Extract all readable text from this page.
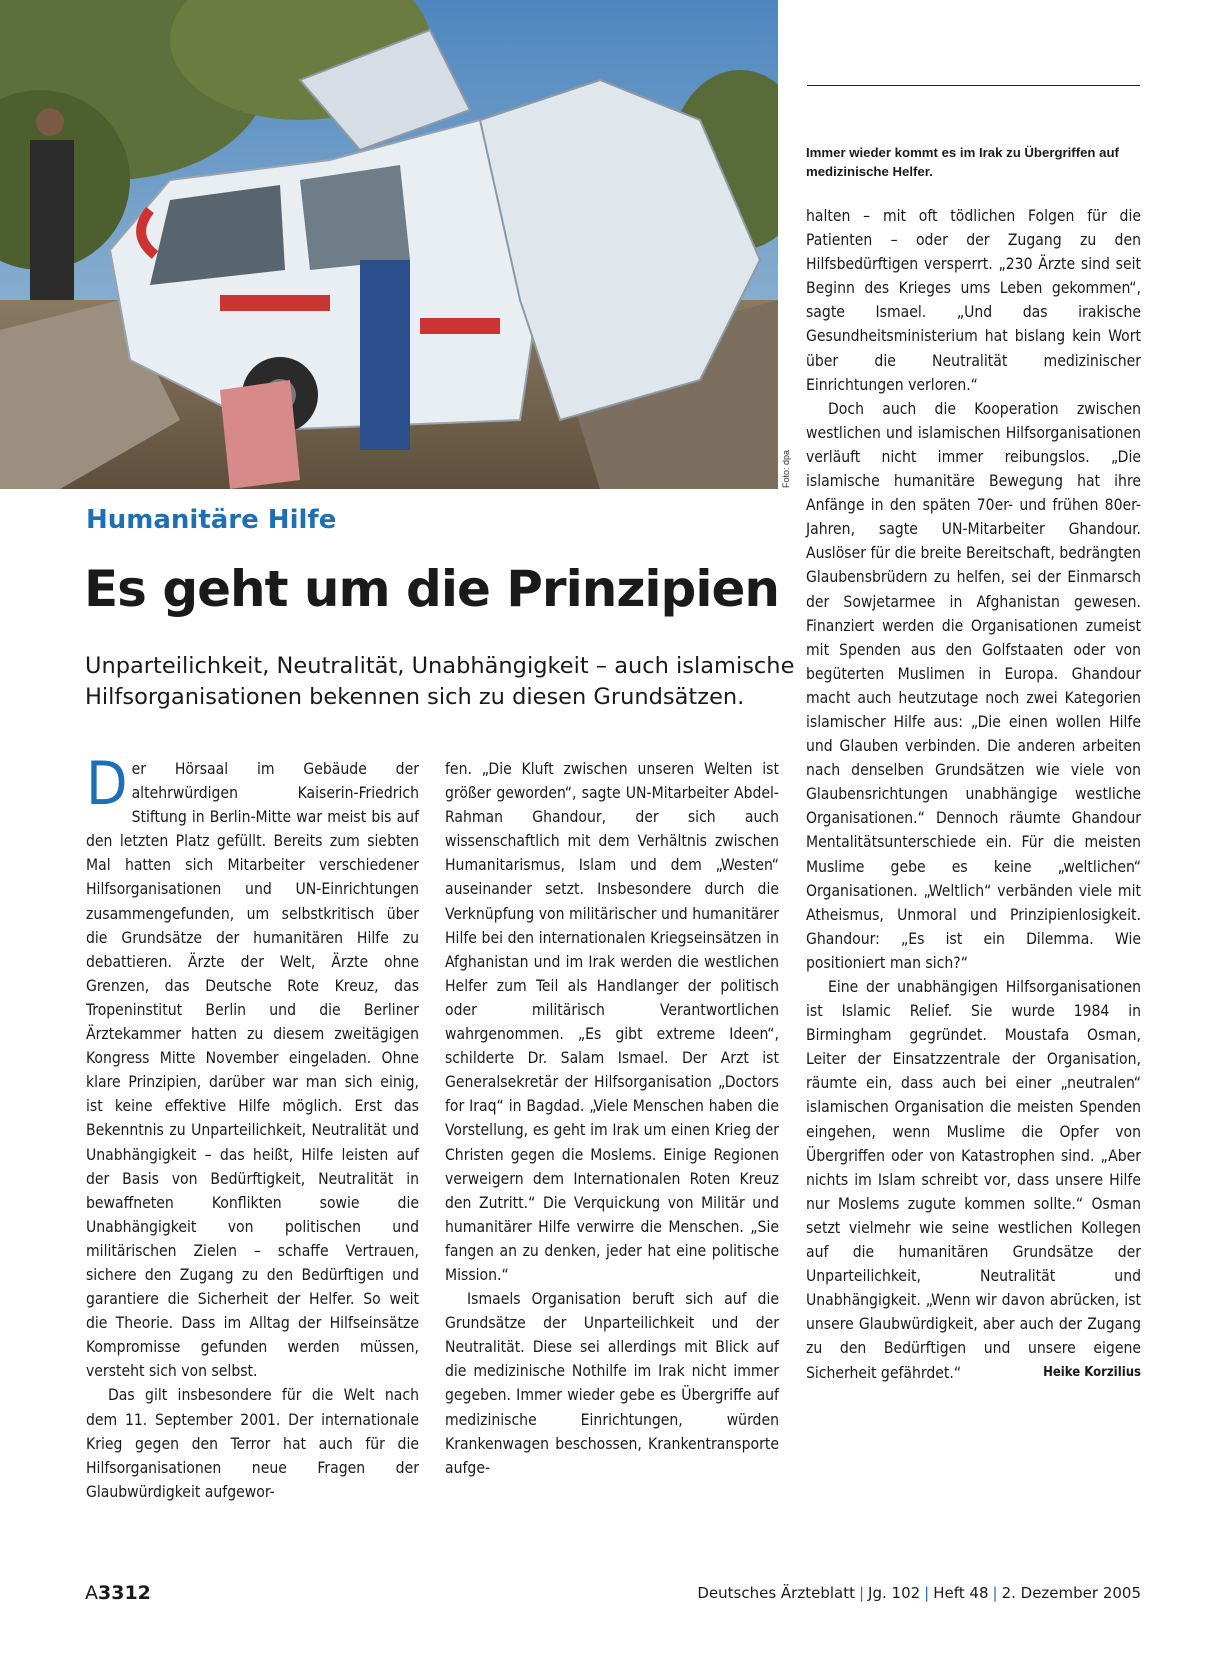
Foto: dpa
Immer wieder kommt es im Irak zu Übergriffen auf medizinische Helfer.
Humanitäre Hilfe
Es geht um die Prinzipien
Unparteilichkeit, Neutralität, Unabhängigkeit – auch islamische Hilfsorganisationen bekennen sich zu diesen Grundsätzen.

Der Hörsaal im Gebäude der altehrwürdigen Kaiserin-Friedrich Stiftung in Berlin-Mitte war meist bis auf den letzten Platz gefüllt. Bereits zum siebten Mal hatten sich Mitarbeiter verschiedener Hilfsorganisationen und UN-Einrichtungen zusammengefunden, um selbstkritisch über die Grundsätze der humanitären Hilfe zu debattieren. Ärzte der Welt, Ärzte ohne Grenzen, das Deutsche Rote Kreuz, das Tropeninstitut Berlin und die Berliner Ärztekammer hatten zu diesem zweitägigen Kongress Mitte November eingeladen. Ohne klare Prinzipien, darüber war man sich einig, ist keine effektive Hilfe möglich. Erst das Bekenntnis zu Unparteilichkeit, Neutralität und Unabhängigkeit – das heißt, Hilfe leisten auf der Basis von Bedürftigkeit, Neutralität in bewaffneten Konflikten sowie die Unabhängigkeit von politischen und militärischen Zielen – schaffe Vertrauen, sichere den Zugang zu den Bedürftigen und garantiere die Sicherheit der Helfer. So weit die Theorie. Dass im Alltag der Hilfseinsätze Kompromisse gefunden werden müssen, versteht sich von selbst.

Das gilt insbesondere für die Welt nach dem 11. September 2001. Der internationale Krieg gegen den Terror hat auch für die Hilfsorganisationen neue Fragen der Glaubwürdigkeit aufgewor-

fen. „Die Kluft zwischen unseren Welten ist größer geworden“, sagte UN-Mitarbeiter Abdel-Rahman Ghandour, der sich auch wissenschaftlich mit dem Verhältnis zwischen Humanitarismus, Islam und dem „Westen“ auseinander setzt. Insbesondere durch die Verknüpfung von militärischer und humanitärer Hilfe bei den internationalen Kriegseinsätzen in Afghanistan und im Irak werden die westlichen Helfer zum Teil als Handlanger der politisch oder militärisch Verantwortlichen wahrgenommen. „Es gibt extreme Ideen“, schilderte Dr. Salam Ismael. Der Arzt ist Generalsekretär der Hilfsorganisation „Doctors for Iraq“ in Bagdad. „Viele Menschen haben die Vorstellung, es geht im Irak um einen Krieg der Christen gegen die Moslems. Einige Regionen verweigern dem Internationalen Roten Kreuz den Zutritt.“ Die Verquickung von Militär und humanitärer Hilfe verwirre die Menschen. „Sie fangen an zu denken, jeder hat eine politische Mission.“

Ismaels Organisation beruft sich auf die Grundsätze der Unparteilichkeit und der Neutralität. Diese sei allerdings mit Blick auf die medizinische Nothilfe im Irak nicht immer gegeben. Immer wieder gebe es Übergriffe auf medizinische Einrichtungen, würden Krankenwagen beschossen, Krankentransporte aufge-

halten – mit oft tödlichen Folgen für die Patienten – oder der Zugang zu den Hilfsbedürftigen versperrt. „230 Ärzte sind seit Beginn des Krieges ums Leben gekommen“, sagte Ismael. „Und das irakische Gesundheitsministerium hat bislang kein Wort über die Neutralität medizinischer Einrichtungen verloren.“

Doch auch die Kooperation zwischen westlichen und islamischen Hilfsorganisationen verläuft nicht immer reibungslos. „Die islamische humanitäre Bewegung hat ihre Anfänge in den späten 70er- und frühen 80er-Jahren, sagte UN-Mitarbeiter Ghandour. Auslöser für die breite Bereitschaft, bedrängten Glaubensbrüdern zu helfen, sei der Einmarsch der Sowjetarmee in Afghanistan gewesen. Finanziert werden die Organisationen zumeist mit Spenden aus den Golfstaaten oder von begüterten Muslimen in Europa. Ghandour macht auch heutzutage noch zwei Kategorien islamischer Hilfe aus: „Die einen wollen Hilfe und Glauben verbinden. Die anderen arbeiten nach denselben Grundsätzen wie viele von Glaubensrichtungen unabhängige westliche Organisationen.“ Dennoch räumte Ghandour Mentalitätsunterschiede ein. Für die meisten Muslime gebe es keine „weltlichen“ Organisationen. „Weltlich“ verbänden viele mit Atheismus, Unmoral und Prinzipienlosigkeit. Ghandour: „Es ist ein Dilemma. Wie positioniert man sich?“

Eine der unabhängigen Hilfsorganisationen ist Islamic Relief. Sie wurde 1984 in Birmingham gegründet. Moustafa Osman, Leiter der Einsatzzentrale der Organisation, räumte ein, dass auch bei einer „neutralen“ islamischen Organisation die meisten Spenden eingehen, wenn Muslime die Opfer von Übergriffen oder von Katastrophen sind. „Aber nichts im Islam schreibt vor, dass unsere Hilfe nur Moslems zugute kommen sollte.“ Osman setzt vielmehr wie seine westlichen Kollegen auf die humanitären Grundsätze der Unparteilichkeit, Neutralität und Unabhängigkeit. „Wenn wir davon abrücken, ist unsere Glaubwürdigkeit, aber auch der Zugang zu den Bedürftigen und unsere eigene Sicherheit gefährdet.“	Heike Korzilius

A3312	Deutsches Ärzteblatt | Jg. 102 | Heft 48 | 2. Dezember 2005
